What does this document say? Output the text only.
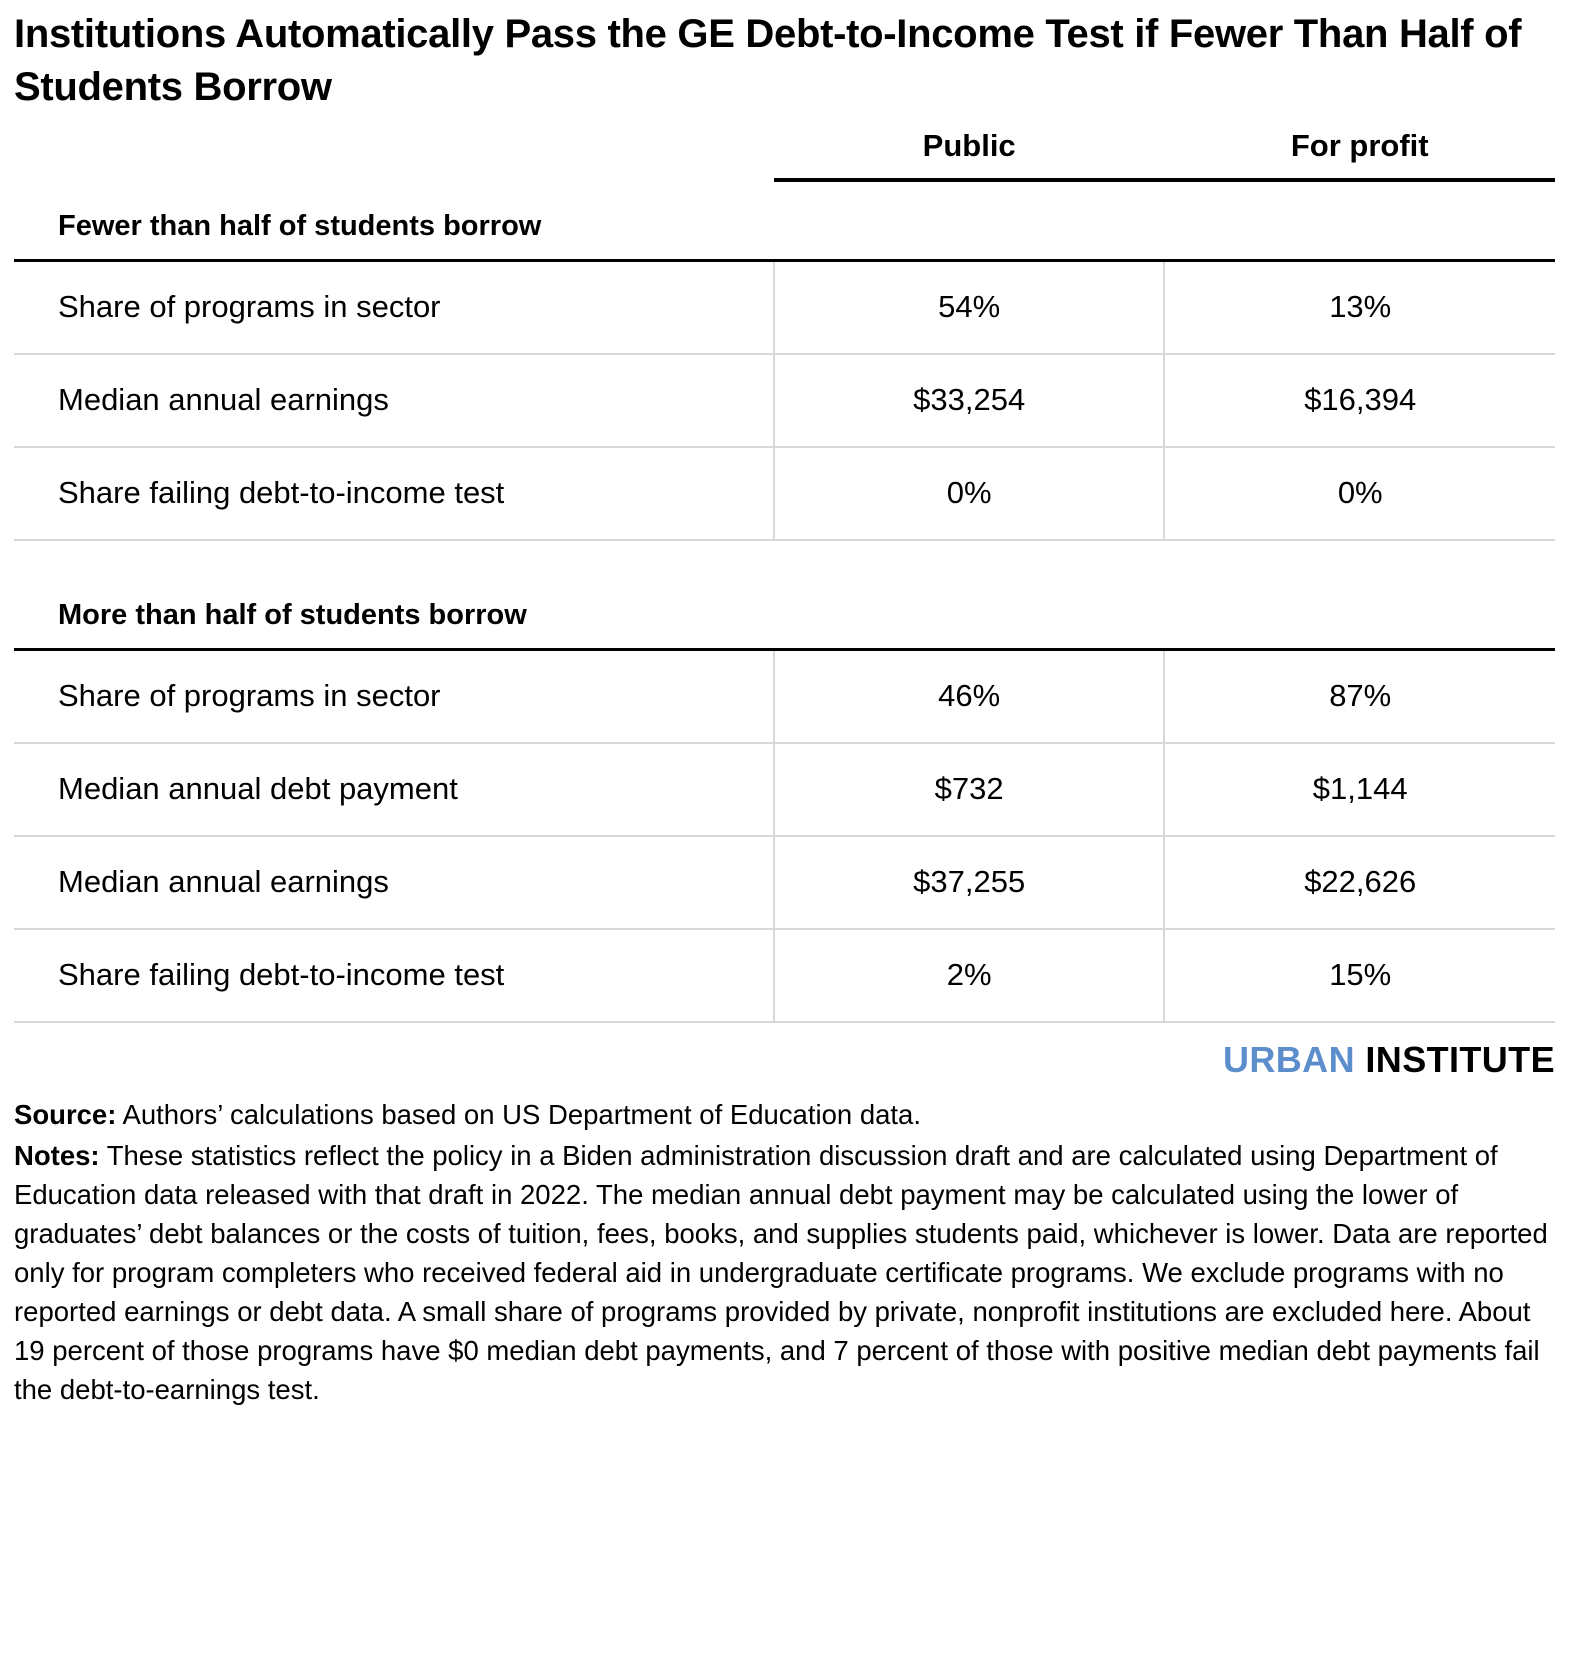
Institutions Automatically Pass the GE Debt-to-Income Test if Fewer Than Half of Students Borrow
	Public	For profit
Fewer than half of students borrow		
Share of programs in sector	54%	13%
Median annual earnings	$33,254	$16,394
Share failing debt-to-income test	0%	0%

More than half of students borrow		
Share of programs in sector	46%	87%
Median annual debt payment	$732	$1,144
Median annual earnings	$37,255	$22,626
Share failing debt-to-income test	2%	15%
URBAN INSTITUTE

Source: Authors’ calculations based on US Department of Education data.

Notes: These statistics reflect the policy in a Biden administration discussion draft and are calculated using Department of Education data released with that draft in 2022. The median annual debt payment may be calculated using the lower of graduates’ debt balances or the costs of tuition, fees, books, and supplies students paid, whichever is lower. Data are reported only for program completers who received federal aid in undergraduate certificate programs. We exclude programs with no reported earnings or debt data. A small share of programs provided by private, nonprofit institutions are excluded here. About 19 percent of those programs have $0 median debt payments, and 7 percent of those with positive median debt payments fail the debt-to-earnings test.
